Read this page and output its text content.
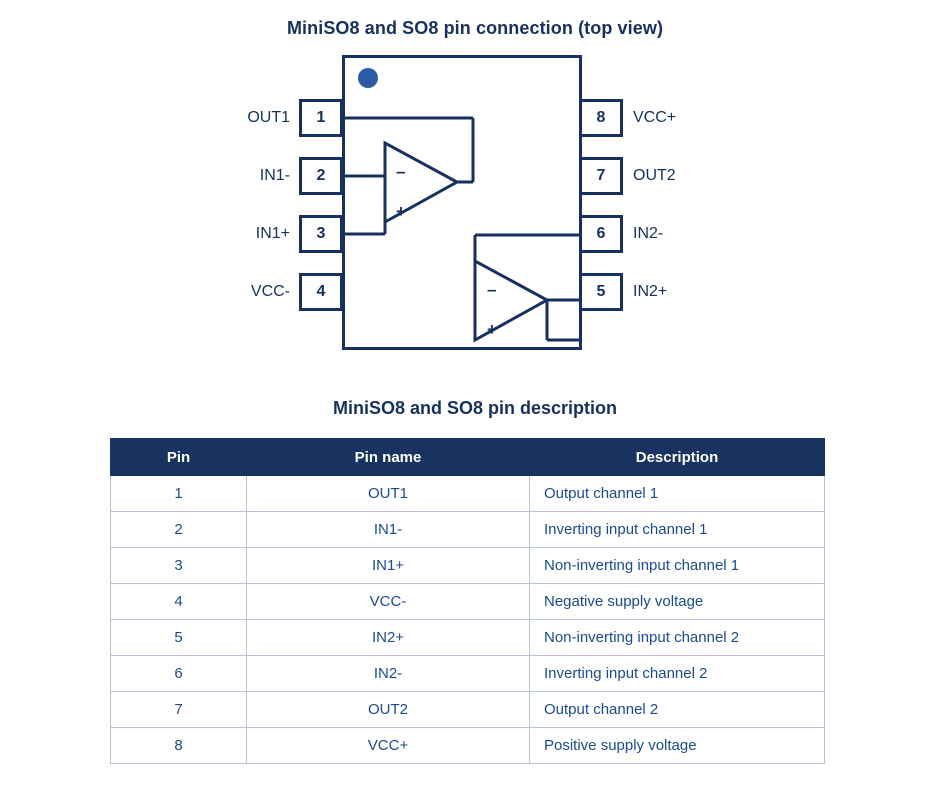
MiniSO8 and SO8 pin connection (top view)
–
+
–
+
1
2
3
4
OUT1
IN1-
IN1+
VCC-
8
7
6
5
VCC+
OUT2
IN2-
IN2+
MiniSO8 and SO8 pin description
Pin	Pin name	Description
1	OUT1	Output channel 1
2	IN1-	Inverting input channel 1
3	IN1+	Non-inverting input channel 1
4	VCC-	Negative supply voltage
5	IN2+	Non-inverting input channel 2
6	IN2-	Inverting input channel 2
7	OUT2	Output channel 2
8	VCC+	Positive supply voltage
